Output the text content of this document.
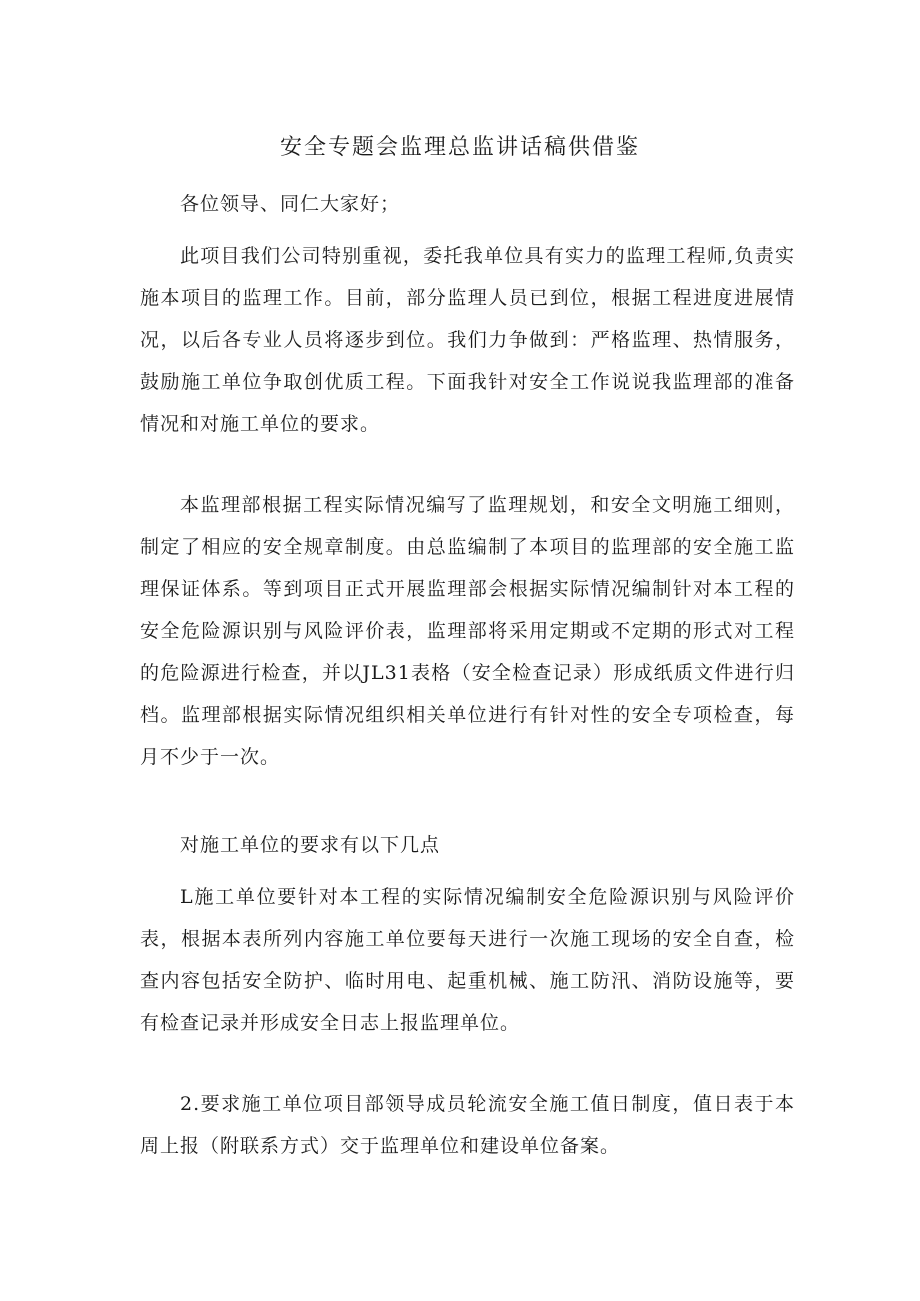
安全专题会监理总监讲话稿供借鉴

各位领导、同仁大家好；

此项目我们公司特别重视，委托我单位具有实力的监理工程师,负责实施本项目的监理工作。目前，部分监理人员已到位，根据工程进度进展情况，以后各专业人员将逐步到位。我们力争做到：严格监理、热情服务，鼓励施工单位争取创优质工程。下面我针对安全工作说说我监理部的准备情况和对施工单位的要求。

本监理部根据工程实际情况编写了监理规划，和安全文明施工细则，制定了相应的安全规章制度。由总监编制了本项目的监理部的安全施工监理保证体系。等到项目正式开展监理部会根据实际情况编制针对本工程的安全危险源识别与风险评价表，监理部将采用定期或不定期的形式对工程的危险源进行检查，并以JL31表格（安全检查记录）形成纸质文件进行归档。监理部根据实际情况组织相关单位进行有针对性的安全专项检查，每月不少于一次。

对施工单位的要求有以下几点

L施工单位要针对本工程的实际情况编制安全危险源识别与风险评价表，根据本表所列内容施工单位要每天进行一次施工现场的安全自查，检查内容包括安全防护、临时用电、起重机械、施工防汛、消防设施等，要有检查记录并形成安全日志上报监理单位。

2.要求施工单位项目部领导成员轮流安全施工值日制度，值日表于本周上报（附联系方式）交于监理单位和建设单位备案。
